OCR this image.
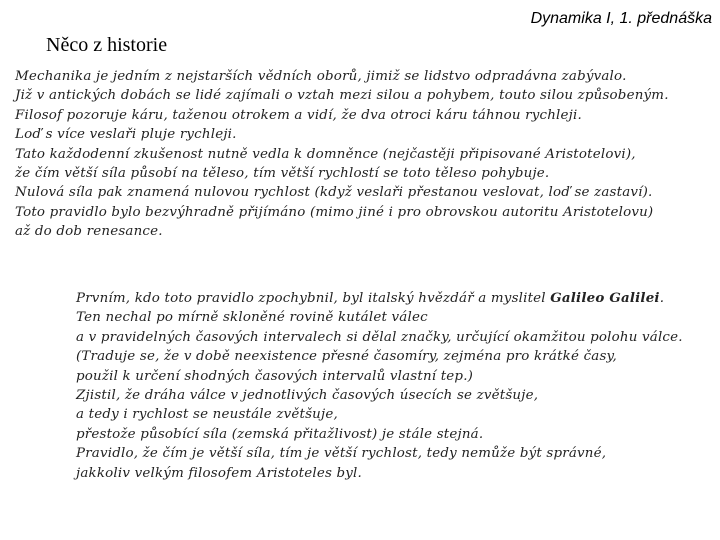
Dynamika I, 1. přednáška
Něco z historie
Mechanika je jedním z nejstarších vědních oborů, jimiž se lidstvo odpradávna zabývalo.
Již v antických dobách se lidé zajímali o vztah mezi silou a pohybem, touto silou způsobeným.
Filosof pozoruje káru, taženou otrokem a vidí, že dva otroci káru táhnou rychleji.
Loď s více veslaři pluje rychleji.
Tato každodenní zkušenost nutně vedla k domněnce (nejčastěji připisované Aristotelovi),
že čím větší síla působí na těleso, tím větší rychlostí se toto těleso pohybuje.
Nulová síla pak znamená nulovou rychlost (když veslaři přestanou veslovat, loď se zastaví).
Toto pravidlo bylo bezvýhradně přijímáno (mimo jiné i pro obrovskou autoritu Aristotelovu)
až do dob renesance.
Prvním, kdo toto pravidlo zpochybnil, byl italský hvězdář a myslitel Galileo Galilei.
Ten nechal po mírně skloněné rovině kutálet válec
a v pravidelných časových intervalech si dělal značky, určující okamžitou polohu válce.
(Traduje se, že v době neexistence přesné časomíry, zejména pro krátké časy,
použil k určení shodných časových intervalů vlastní tep.)
Zjistil, že dráha válce v jednotlivých časových úsecích se zvětšuje,
a tedy i rychlost se neustále zvětšuje,
přestože působící síla (zemská přitažlivost) je stále stejná.
Pravidlo, že čím je větší síla, tím je větší rychlost, tedy nemůže být správné,
jakkoliv velkým filosofem Aristoteles byl.
